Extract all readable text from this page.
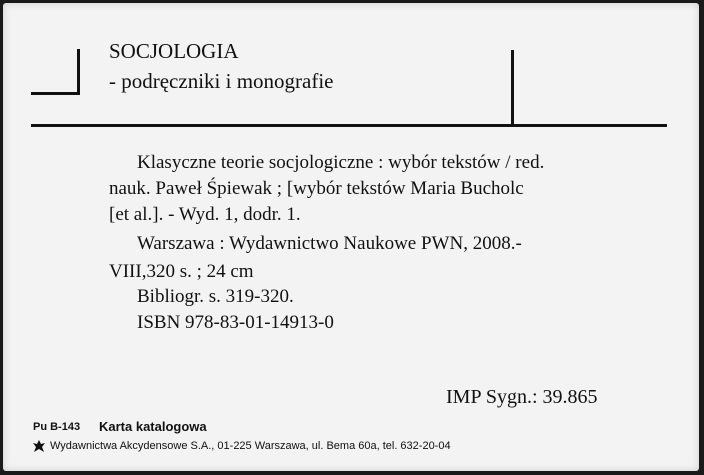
SOCJOLOGIA
- podręczniki i monografie
Klasyczne teorie socjologiczne : wybór tekstów / red.
nauk. Paweł Śpiewak ; [wybór tekstów Maria Bucholc
[et al.]. - Wyd. 1, dodr. 1.
Warszawa : Wydawnictwo Naukowe PWN, 2008.-
VIII,320 s. ; 24 cm
Bibliogr. s. 319-320.
ISBN 978-83-01-14913-0
IMP Sygn.: 39.865
Pu B-143 Karta katalogowa
Wydawnictwa Akcydensowe S.A., 01-225 Warszawa, ul. Bema 60a, tel. 632-20-04
